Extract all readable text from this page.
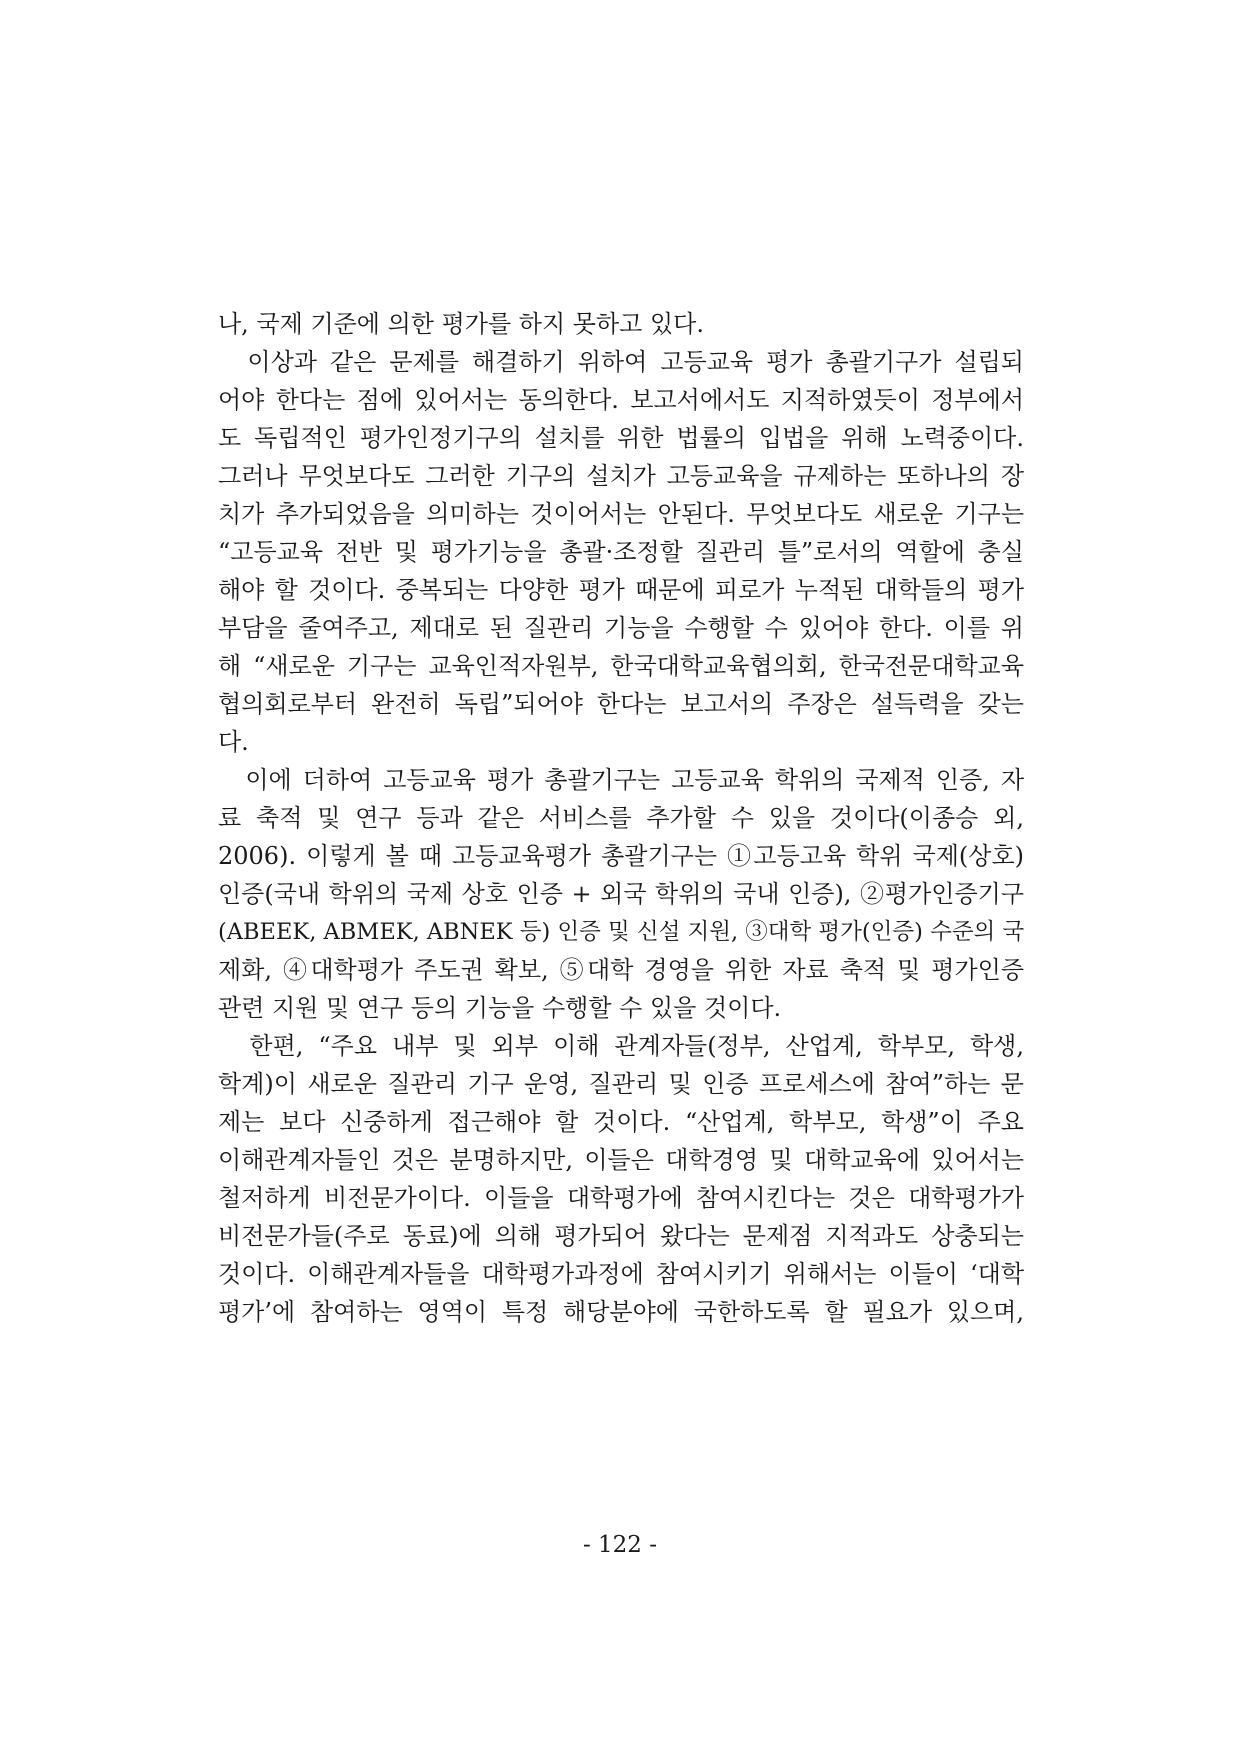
나, 국제 기준에 의한 평가를 하지 못하고 있다.
　이상과 같은 문제를 해결하기 위하여 고등교육 평가 총괄기구가 설립되
어야 한다는 점에 있어서는 동의한다. 보고서에서도 지적하였듯이 정부에서
도 독립적인 평가인정기구의 설치를 위한 법률의 입법을 위해 노력중이다.
그러나 무엇보다도 그러한 기구의 설치가 고등교육을 규제하는 또하나의 장
치가 추가되었음을 의미하는 것이어서는 안된다. 무엇보다도 새로운 기구는
“고등교육 전반 및 평가기능을 총괄·조정할 질관리 틀”로서의 역할에 충실
해야 할 것이다. 중복되는 다양한 평가 때문에 피로가 누적된 대학들의 평가
부담을 줄여주고, 제대로 된 질관리 기능을 수행할 수 있어야 한다. 이를 위
해 “새로운 기구는 교육인적자원부, 한국대학교육협의회, 한국전문대학교육
협의회로부터 완전히 독립”되어야 한다는 보고서의 주장은 설득력을 갖는
다.
　이에 더하여 고등교육 평가 총괄기구는 고등교육 학위의 국제적 인증, 자
료 축적 및 연구 등과 같은 서비스를 추가할 수 있을 것이다(이종승 외,
2006). 이렇게 볼 때 고등교육평가 총괄기구는 ①고등고육 학위 국제(상호)
인증(국내 학위의 국제 상호 인증 + 외국 학위의 국내 인증), ②평가인증기구
(ABEEK, ABMEK, ABNEK 등) 인증 및 신설 지원, ③대학 평가(인증) 수준의 국
제화, ④대학평가 주도권 확보, ⑤대학 경영을 위한 자료 축적 및 평가인증
관련 지원 및 연구 등의 기능을 수행할 수 있을 것이다.
　한편, “주요 내부 및 외부 이해 관계자들(정부, 산업계, 학부모, 학생,
학계)이 새로운 질관리 기구 운영, 질관리 및 인증 프로세스에 참여”하는 문
제는 보다 신중하게 접근해야 할 것이다. “산업계, 학부모, 학생”이 주요
이해관계자들인 것은 분명하지만, 이들은 대학경영 및 대학교육에 있어서는
철저하게 비전문가이다. 이들을 대학평가에 참여시킨다는 것은 대학평가가
비전문가들(주로 동료)에 의해 평가되어 왔다는 문제점 지적과도 상충되는
것이다. 이해관계자들을 대학평가과정에 참여시키기 위해서는 이들이 ‘대학
평가’에 참여하는 영역이 특정 해당분야에 국한하도록 할 필요가 있으며,
- 122 -
